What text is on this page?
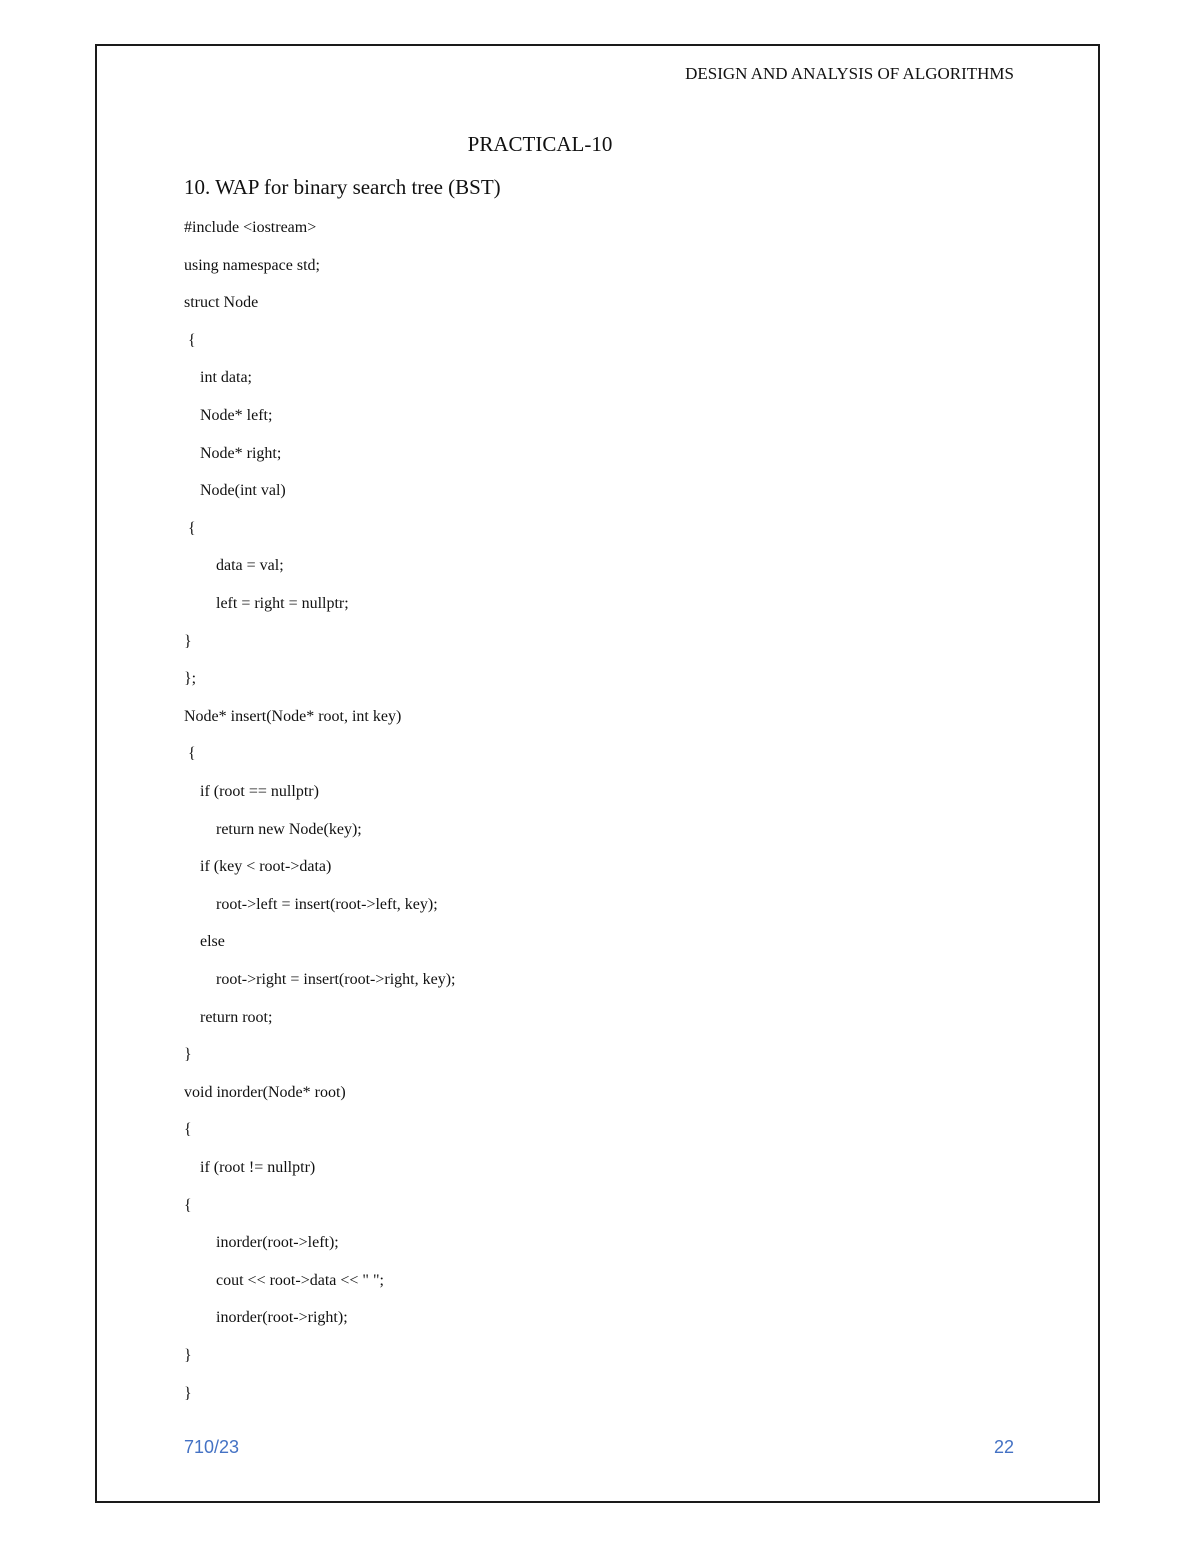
DESIGN AND ANALYSIS OF ALGORITHMS
PRACTICAL-10
10. WAP for binary search tree (BST)
#include <iostream>
using namespace std;
struct Node
{
int data;
Node* left;
Node* right;
Node(int val)
{
data = val;
left = right = nullptr;
}
};
Node* insert(Node* root, int key)
{
if (root == nullptr)
return new Node(key);
if (key < root->data)
root->left = insert(root->left, key);
else
root->right = insert(root->right, key);
return root;
}
void inorder(Node* root)
{
if (root != nullptr)
{
inorder(root->left);
cout << root->data << " ";
inorder(root->right);
}
}
710/23	22
